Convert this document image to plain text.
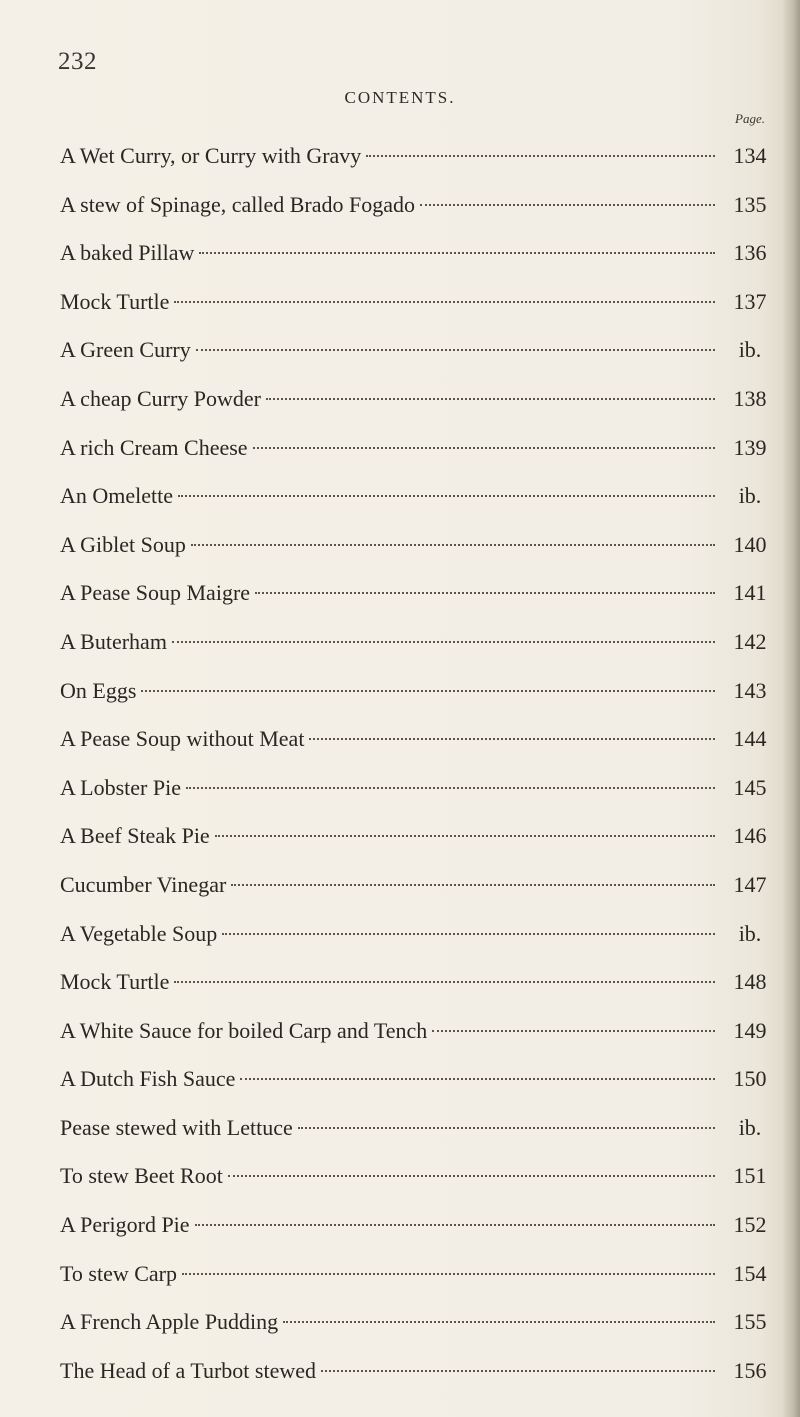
232
CONTENTS.
Page.
A Wet Curry, or Curry with Gravy	134
A stew of Spinage, called Brado Fogado	135
A baked Pillaw	136
Mock Turtle	137
A Green Curry	ib.
A cheap Curry Powder	138
A rich Cream Cheese	139
An Omelette	ib.
A Giblet Soup	140
A Pease Soup Maigre	141
A Buterham	142
On Eggs	143
A Pease Soup without Meat	144
A Lobster Pie	145
A Beef Steak Pie	146
Cucumber Vinegar	147
A Vegetable Soup	ib.
Mock Turtle	148
A White Sauce for boiled Carp and Tench	149
A Dutch Fish Sauce	150
Pease stewed with Lettuce	ib.
To stew Beet Root	151
A Perigord Pie	152
To stew Carp	154
A French Apple Pudding	155
The Head of a Turbot stewed	156
